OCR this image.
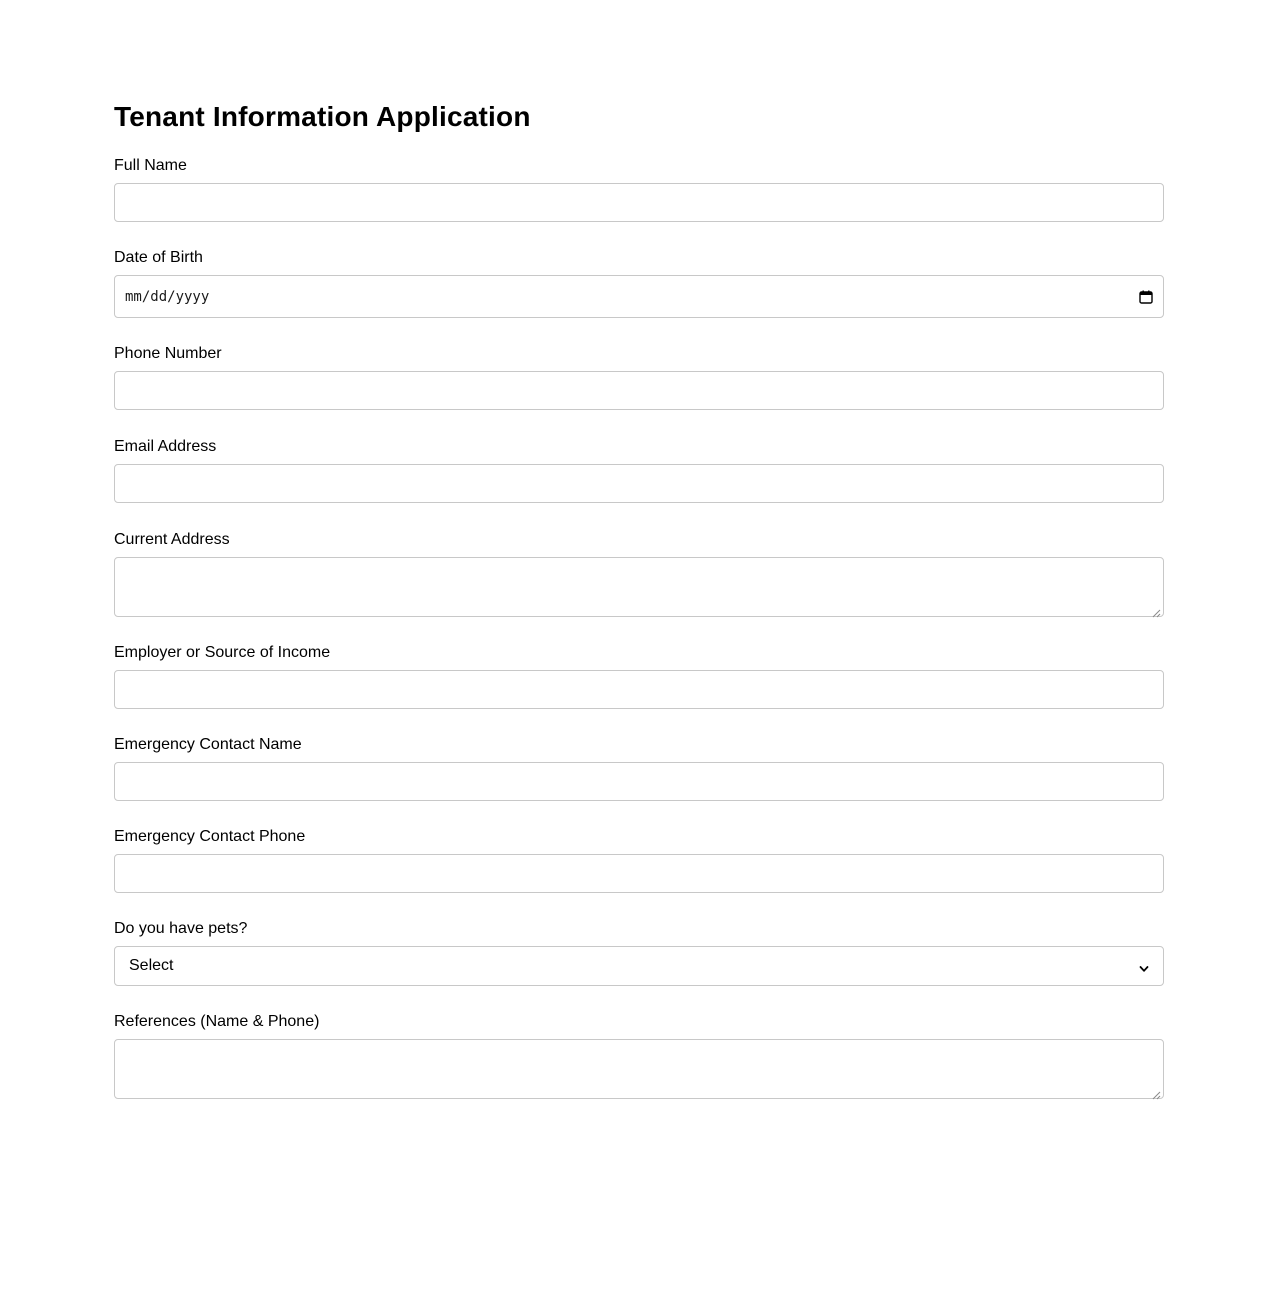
Tenant Information Application
Full Name
Date of Birth
mm/dd/yyyy
Phone Number
Email Address
Current Address
Employer or Source of Income
Emergency Contact Name
Emergency Contact Phone
Do you have pets?
Select
References (Name & Phone)
